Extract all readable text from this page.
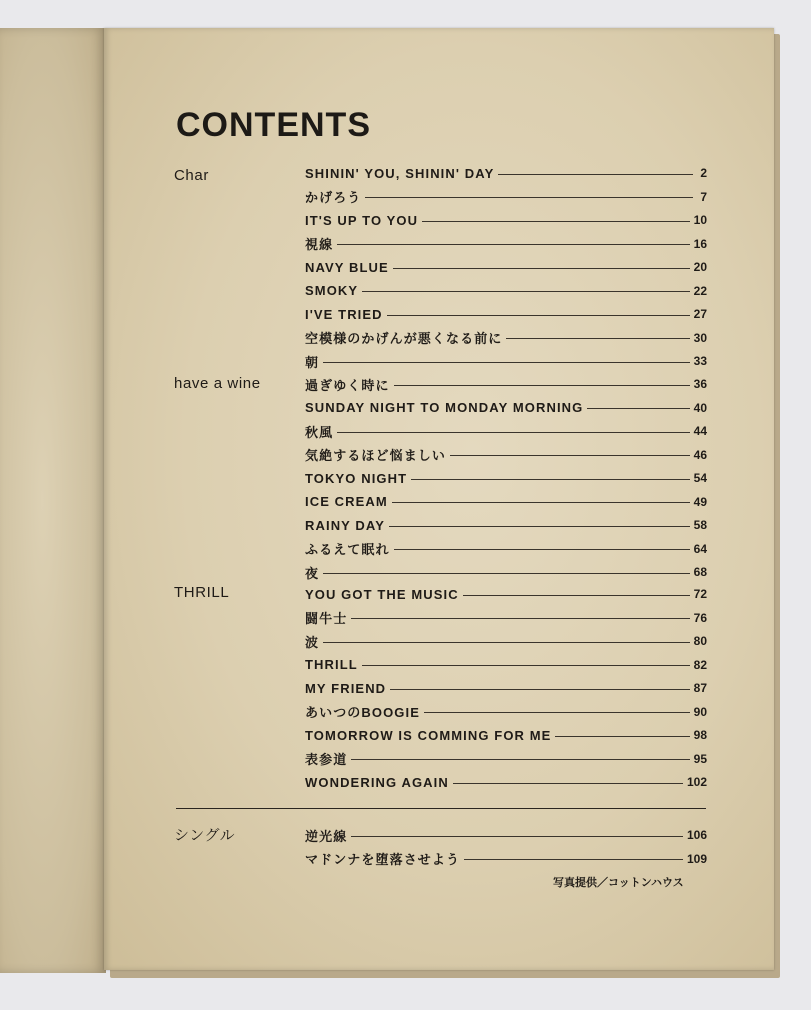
CONTENTS
Char	SHININ' YOU, SHININ' DAY	2
かげろう	7
IT'S UP TO YOU	10
視線	16
NAVY BLUE	20
SMOKY	22
I'VE TRIED	27
空模様のかげんが悪くなる前に	30
朝	33
have a wine	過ぎゆく時に	36
SUNDAY NIGHT TO MONDAY MORNING	40
秋風	44
気絶するほど悩ましい	46
TOKYO NIGHT	54
ICE CREAM	49
RAINY DAY	58
ふるえて眠れ	64
夜	68
THRILL	YOU GOT THE MUSIC	72
闘牛士	76
波	80
THRILL	82
MY FRIEND	87
あいつのBOOGIE	90
TOMORROW IS COMMING FOR ME	98
表参道	95
WONDERING AGAIN	102
シングル	逆光線	106
マドンナを堕落させよう	109
写真提供／コットンハウス
